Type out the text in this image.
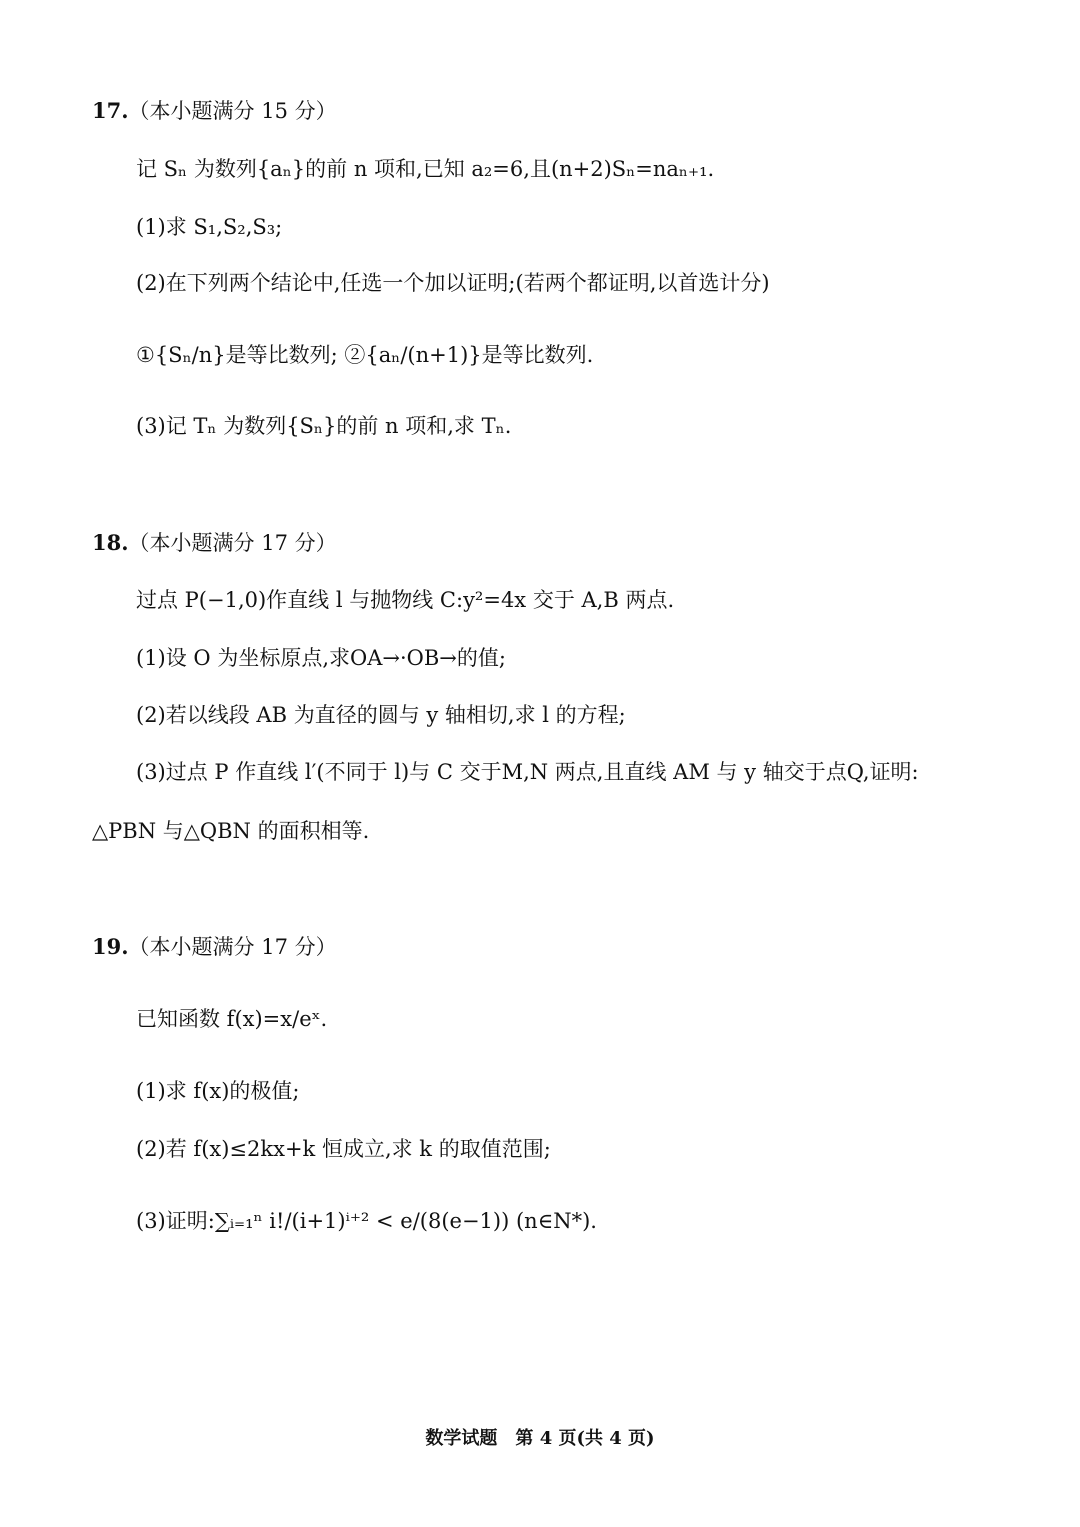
17.（本小题满分 15 分）
记 Sₙ 为数列{aₙ}的前 n 项和,已知 a₂=6,且(n+2)Sₙ=naₙ₊₁.
(1)求 S₁,S₂,S₃;
(2)在下列两个结论中,任选一个加以证明;(若两个都证明,以首选计分)
①{Sₙ/n}是等比数列; ②{aₙ/(n+1)}是等比数列.
(3)记 Tₙ 为数列{Sₙ}的前 n 项和,求 Tₙ.
18.（本小题满分 17 分）
过点 P(−1,0)作直线 l 与抛物线 C:y²=4x 交于 A,B 两点.
(1)设 O 为坐标原点,求OA→·OB→的值;
(2)若以线段 AB 为直径的圆与 y 轴相切,求 l 的方程;
(3)过点 P 作直线 l′(不同于 l)与 C 交于M,N 两点,且直线 AM 与 y 轴交于点Q,证明:
△PBN 与△QBN 的面积相等.
19.（本小题满分 17 分）
已知函数 f(x)=x/eˣ.
(1)求 f(x)的极值;
(2)若 f(x)≤2kx+k 恒成立,求 k 的取值范围;
(3)证明:∑ᵢ₌₁ⁿ i!/(i+1)ⁱ⁺² < e/(8(e−1)) (n∈N*).
数学试题　第 4 页(共 4 页)
